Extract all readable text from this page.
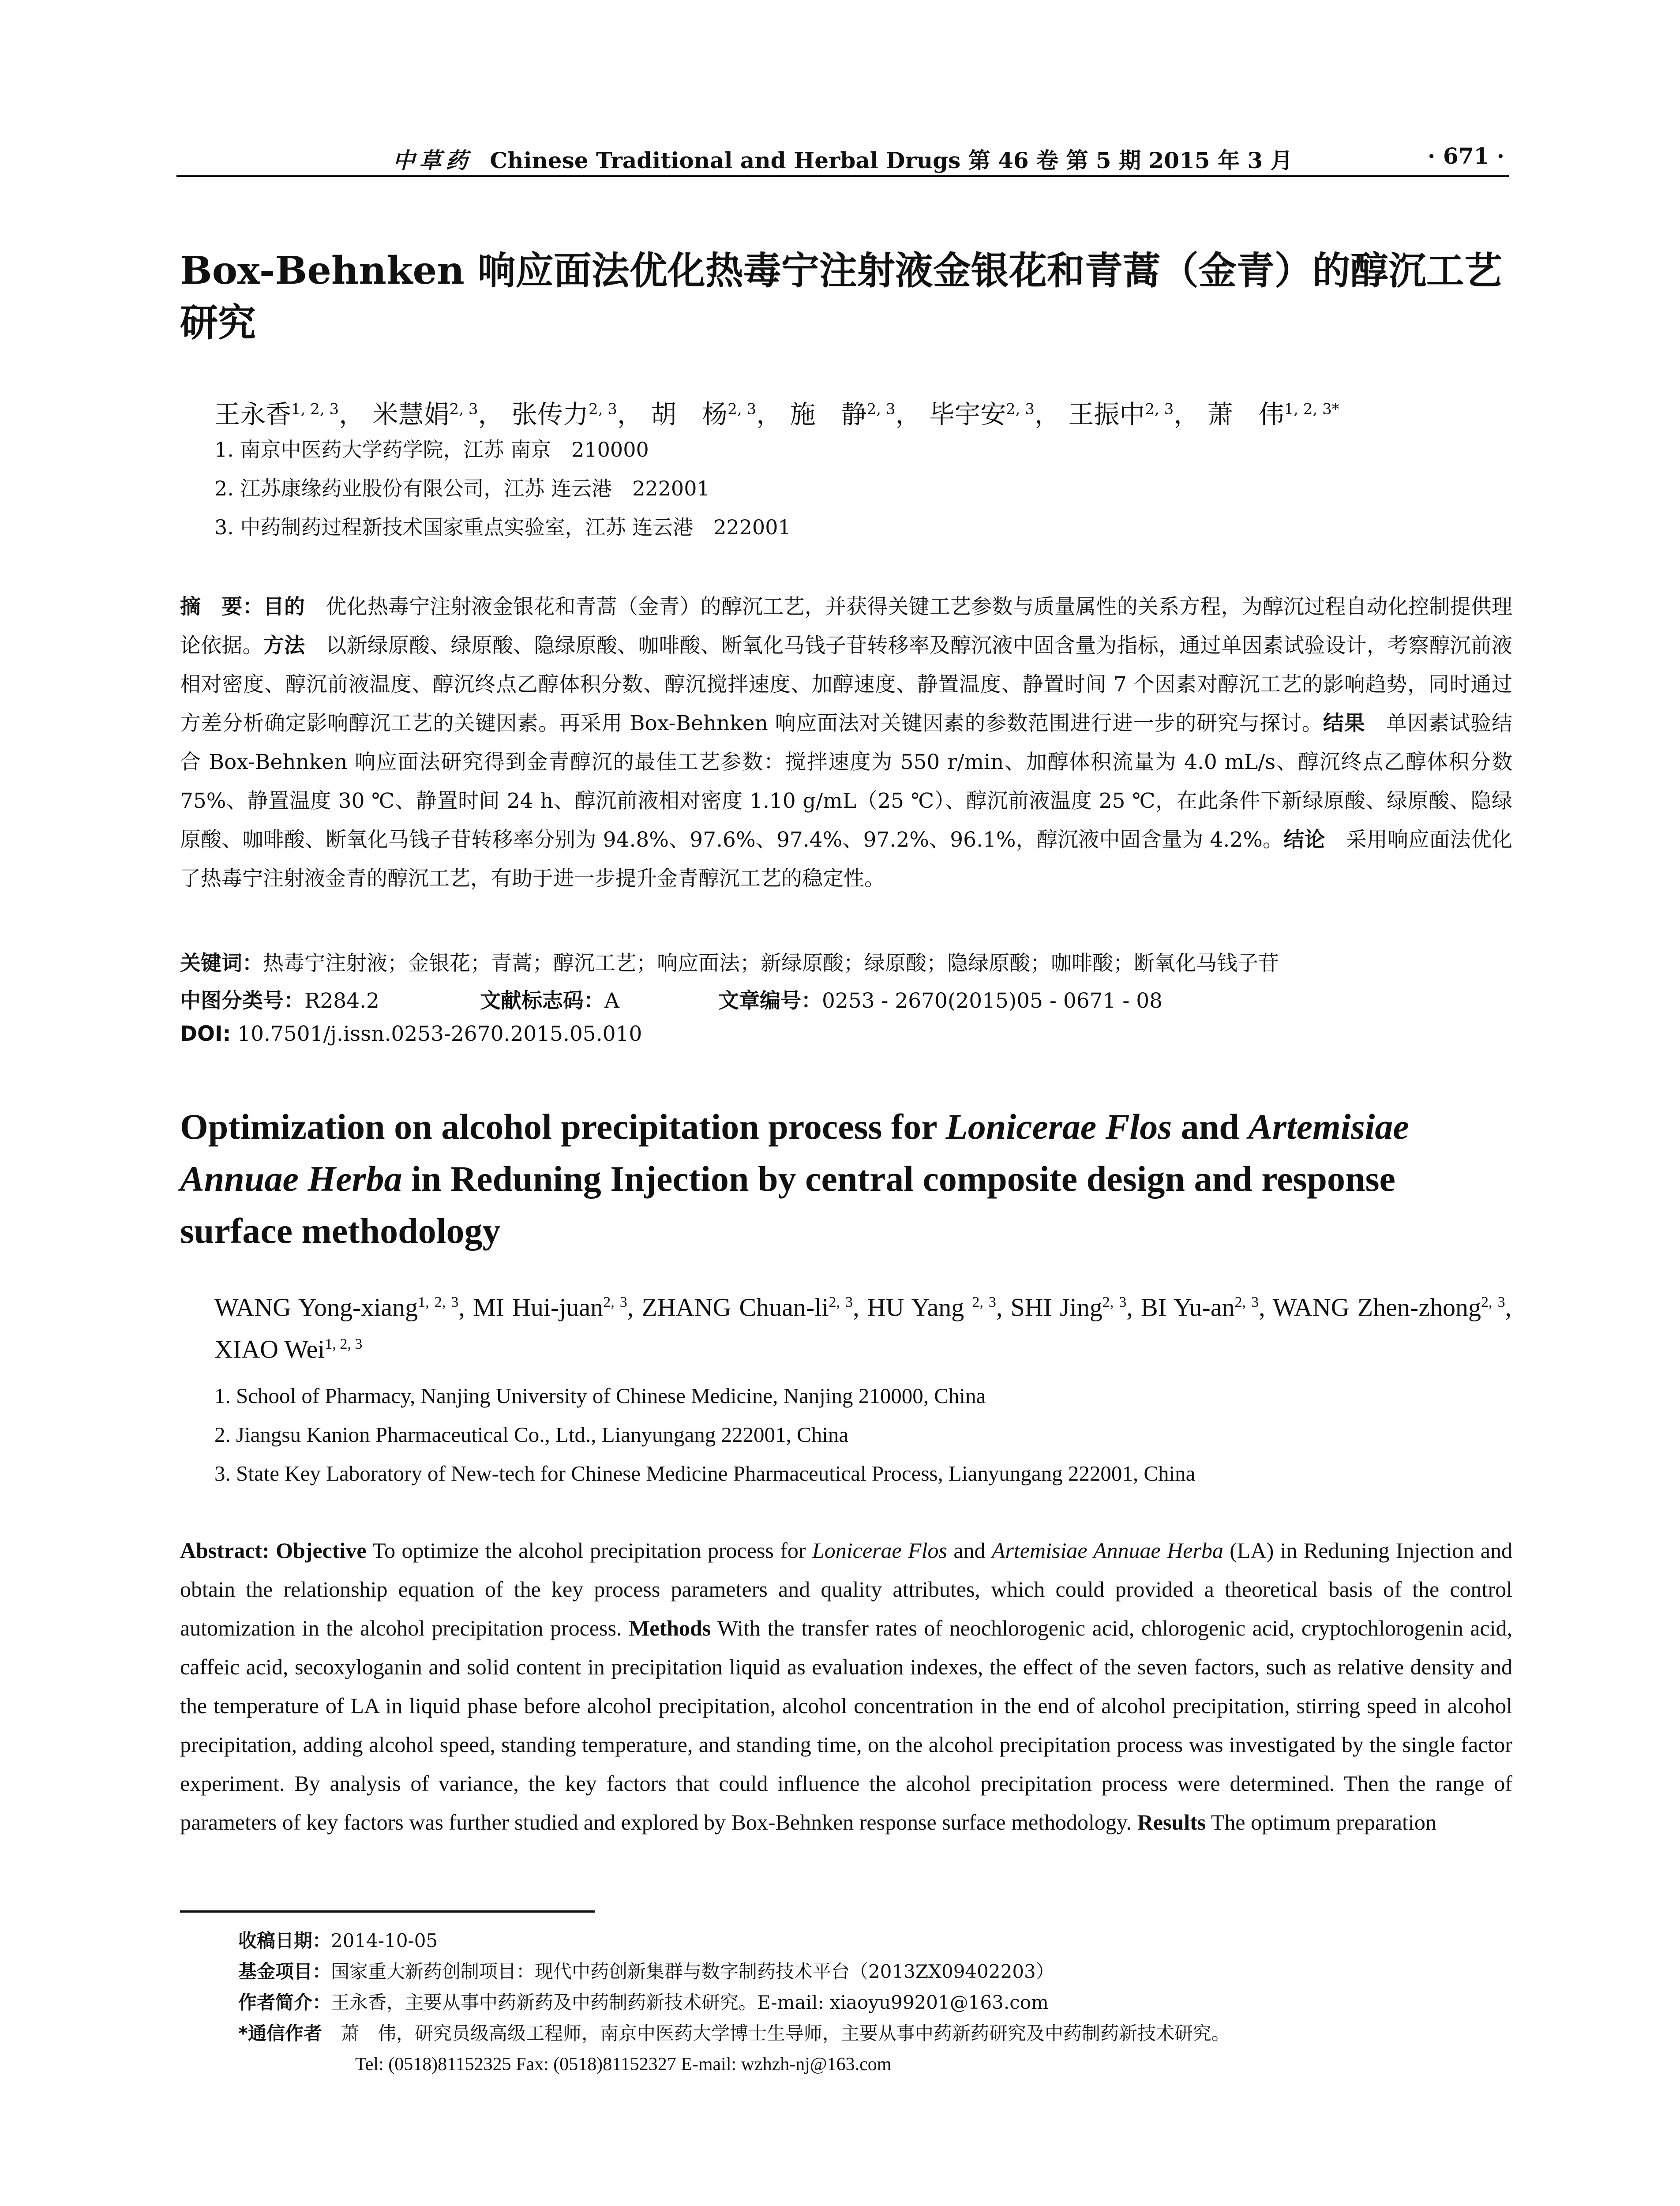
中草药 Chinese Traditional and Herbal Drugs 第 46 卷 第 5 期 2015 年 3 月	· 671 ·
Box-Behnken 响应面法优化热毒宁注射液金银花和青蒿（金青）的醇沉工艺研究
王永香$^{1, 2, 3}$， 米慧娟$^{2, 3}$， 张传力$^{2, 3}$， 胡　杨$^{2, 3}$， 施　静$^{2, 3}$， 毕宇安$^{2, 3}$， 王振中$^{2, 3}$， 萧　伟$^{1, 2, 3*}$
1. 南京中医药大学药学院，江苏 南京　210000
2. 江苏康缘药业股份有限公司，江苏 连云港　222001
3. 中药制药过程新技术国家重点实验室，江苏 连云港　222001
摘　要：目的　优化热毒宁注射液金银花和青蒿（金青）的醇沉工艺，并获得关键工艺参数与质量属性的关系方程，为醇沉过程自动化控制提供理论依据。方法　以新绿原酸、绿原酸、隐绿原酸、咖啡酸、断氧化马钱子苷转移率及醇沉液中固含量为指标，通过单因素试验设计，考察醇沉前液相对密度、醇沉前液温度、醇沉终点乙醇体积分数、醇沉搅拌速度、加醇速度、静置温度、静置时间 7 个因素对醇沉工艺的影响趋势，同时通过方差分析确定影响醇沉工艺的关键因素。再采用 Box-Behnken 响应面法对关键因素的参数范围进行进一步的研究与探讨。结果　单因素试验结合 Box-Behnken 响应面法研究得到金青醇沉的最佳工艺参数：搅拌速度为 550 r/min、加醇体积流量为 4.0 mL/s、醇沉终点乙醇体积分数 75%、静置温度 30 ℃、静置时间 24 h、醇沉前液相对密度 1.10 g/mL（25 ℃）、醇沉前液温度 25 ℃，在此条件下新绿原酸、绿原酸、隐绿原酸、咖啡酸、断氧化马钱子苷转移率分别为 94.8%、97.6%、97.4%、97.2%、96.1%，醇沉液中固含量为 4.2%。结论　采用响应面法优化了热毒宁注射液金青的醇沉工艺，有助于进一步提升金青醇沉工艺的稳定性。
关键词：热毒宁注射液；金银花；青蒿；醇沉工艺；响应面法；新绿原酸；绿原酸；隐绿原酸；咖啡酸；断氧化马钱子苷
中图分类号：R284.2	文献标志码：A	文章编号：0253 - 2670(2015)05 - 0671 - 08
DOI: 10.7501/j.issn.0253-2670.2015.05.010
Optimization on alcohol precipitation process for Lonicerae Flos and Artemisiae Annuae Herba in Reduning Injection by central composite design and response surface methodology
WANG Yong-xiang$^{1, 2, 3}$, MI Hui-juan$^{2, 3}$, ZHANG Chuan-li$^{2, 3}$, HU Yang $^{2, 3}$, SHI Jing$^{2, 3}$, BI Yu-an$^{2, 3}$, WANG Zhen-zhong$^{2, 3}$, XIAO Wei$^{1, 2, 3}$
1. School of Pharmacy, Nanjing University of Chinese Medicine, Nanjing 210000, China
2. Jiangsu Kanion Pharmaceutical Co., Ltd., Lianyungang 222001, China
3. State Key Laboratory of New-tech for Chinese Medicine Pharmaceutical Process, Lianyungang 222001, China
Abstract: Objective To optimize the alcohol precipitation process for Lonicerae Flos and Artemisiae Annuae Herba (LA) in Reduning Injection and obtain the relationship equation of the key process parameters and quality attributes, which could provided a theoretical basis of the control automization in the alcohol precipitation process. Methods With the transfer rates of neochlorogenic acid, chlorogenic acid, cryptochlorogenin acid, caffeic acid, secoxyloganin and solid content in precipitation liquid as evaluation indexes, the effect of the seven factors, such as relative density and the temperature of LA in liquid phase before alcohol precipitation, alcohol concentration in the end of alcohol precipitation, stirring speed in alcohol precipitation, adding alcohol speed, standing temperature, and standing time, on the alcohol precipitation process was investigated by the single factor experiment. By analysis of variance, the key factors that could influence the alcohol precipitation process were determined. Then the range of parameters of key factors was further studied and explored by Box-Behnken response surface methodology. Results The optimum preparation
收稿日期：2014-10-05
基金项目：国家重大新药创制项目：现代中药创新集群与数字制药技术平台（2013ZX09402203）
作者简介：王永香，主要从事中药新药及中药制药新技术研究。E-mail: xiaoyu99201@163.com
*通信作者　萧　伟，研究员级高级工程师，南京中医药大学博士生导师，主要从事中药新药研究及中药制药新技术研究。
Tel: (0518)81152325 Fax: (0518)81152327 E-mail: wzhzh-nj@163.com
